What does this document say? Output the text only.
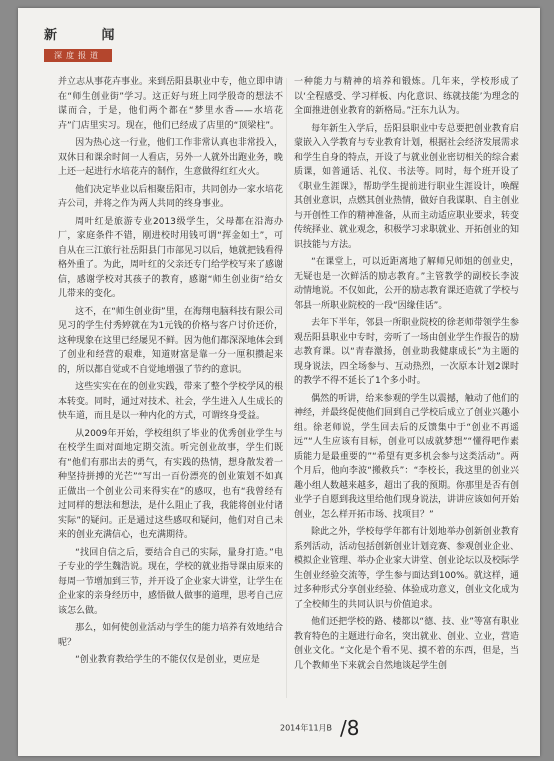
新 闻
深度报道

并立志从事花卉事业。来到岳阳县职业中专，他立即申请在“师生创业街”学习。这正好与班上同学殷奇的想法不谋而合，于是，他们两个都在“梦里水香——水培花卉”门店里实习。现在，他们已经成了店里的“顶梁柱”。

因为热心这一行业，他们工作非常认真也非常投入，双休日和课余时间一人看店，另外一人就外出跑业务，晚上还一起进行水培花卉的制作，生意做得红红火火。

他们决定毕业以后相聚岳阳市，共同创办一家水培花卉公司，并将之作为两人共同的终身事业。

周叶红是旅游专业2013级学生，父母都在沿海办厂，家庭条件不错，刚进校时用钱可谓“挥金如土”，可自从在三江旅行社岳阳县门市部见习以后，她就把钱看得格外重了。为此，周叶红的父亲还专门给学校写来了感谢信，感谢学校对其孩子的教育，感谢“师生创业街”给女儿带来的变化。

这不，在“师生创业街”里，在海翔电脑科技有限公司见习的学生付秀婷就在为1元钱的价格与客户讨价还价，这种现象在这里已经屡见不鲜。因为他们都深深地体会到了创业和经营的艰难，知道财富是靠一分一厘积攒起来的，所以都自觉或不自觉地增强了节约的意识。

这些实实在在的创业实践，带来了整个学校学风的根本转变。同时，通过对技术、社会，学生进入人生成长的快车道，而且是以一种内化的方式，可谓终身受益。

从2009年开始，学校组织了毕业的优秀创业学生与在校学生面对面地定期交流。听完创业故事，学生们既有“他们有那出去的勇气，有实践的热情，想身散发着一种坚持拼搏的光芒”“写出一百份漂亮的创业策划不如真正做出一个创业公司来得实在”的感叹，也有“我曾经有过同样的想法和想法，是什么阻止了我，我能将创业付诸实际”的疑问。正是通过这些感叹和疑问，他们对自己未来的创业充满信心，也充满期待。

“找回自信之后，要结合自己的实际，量身打造。”电子专业的学生魏浩说。现在，学校的就业指导课由原来的每周一节增加到三节，并开设了企业家大讲堂，让学生在企业家的亲身经历中，感悟做人做事的道理，思考自己应该怎么做。

那么，如何使创业活动与学生的能力培养有效地结合呢？

“创业教育教给学生的不能仅仅是创业，更应是

一种能力与精神的培养和锻炼。几年来，学校形成了以‘全程感受、学习样板、内化意识、练就技能’为理念的全面推进创业教育的新格局。”汪东九认为。

每年新生入学后，岳阳县职业中专总要把创业教育启蒙嵌入入学教育与专业教育计划，根据社会经济发展需求和学生自身的特点，开设了与就业创业密切相关的综合素质课，如普通话、礼仪、书法等。同时，每个班开设了《职业生涯课》，帮助学生提前进行职业生涯设计，唤醒其创业意识，点燃其创业热情，做好自我谋职、自主创业与开创性工作的精神准备，从而主动适应职业要求，转变传统择业、就业观念，积极学习求职就业、开拓创业的知识技能与方法。

“在课堂上，可以近距离地了解师兄师姐的创业史，无疑也是一次鲜活的励志教育。”主管教学的副校长李波动情地说。不仅如此，公开的励志教育课还造就了学校与邻县一所职业院校的一段“因缘佳话”。

去年下半年，邻县一所职业院校的徐老师带领学生参观岳阳县职业中专时，旁听了一场由创业学生作报告的励志教育课。以“青春激扬，创业助我健康成长”为主题的现身说法，四全场参与、互动热烈，一次原本计划2课时的教学不得不延长了1个多小时。

偶然的听讲，给来参观的学生以震撼，触动了他们的神经，并最终促使他们回到自己学校后成立了创业兴趣小组。徐老师说，学生回去后的反馈集中于“创业不再遥远”“人生应该有目标，创业可以成就梦想”“懂得吧作素质能力是最重要的”“希望有更多机会参与这类活动”。两个月后，他向李波“搬救兵”：“李校长，我这里的创业兴趣小组人数越来越多，超出了我的预期。你那里是否有创业学子自愿到我这里给他们现身说法，讲讲应该如何开始创业，怎么样开拓市场、找项目？”

除此之外，学校每学年都有计划地举办创新创业教育系列活动，活动包括创新创业计划竞赛、参观创业企业、模拟企业管理、举办企业家大讲堂、创业论坛以及校际学生创业经验交流等，学生参与面达到100%。就这样，通过多种形式分享创业经验、体验成功意义，创业文化成为了全校师生的共同认识与价值追求。

他们还把学校的路、楼都以“德、技、业”等富有职业教育特色的主题进行命名，突出就业、创业、立业，营造创业文化。“文化是个看不见、摸不着的东西，但是，当几个教师坐下来就会自然地谈起学生创

2014年11月B /8
